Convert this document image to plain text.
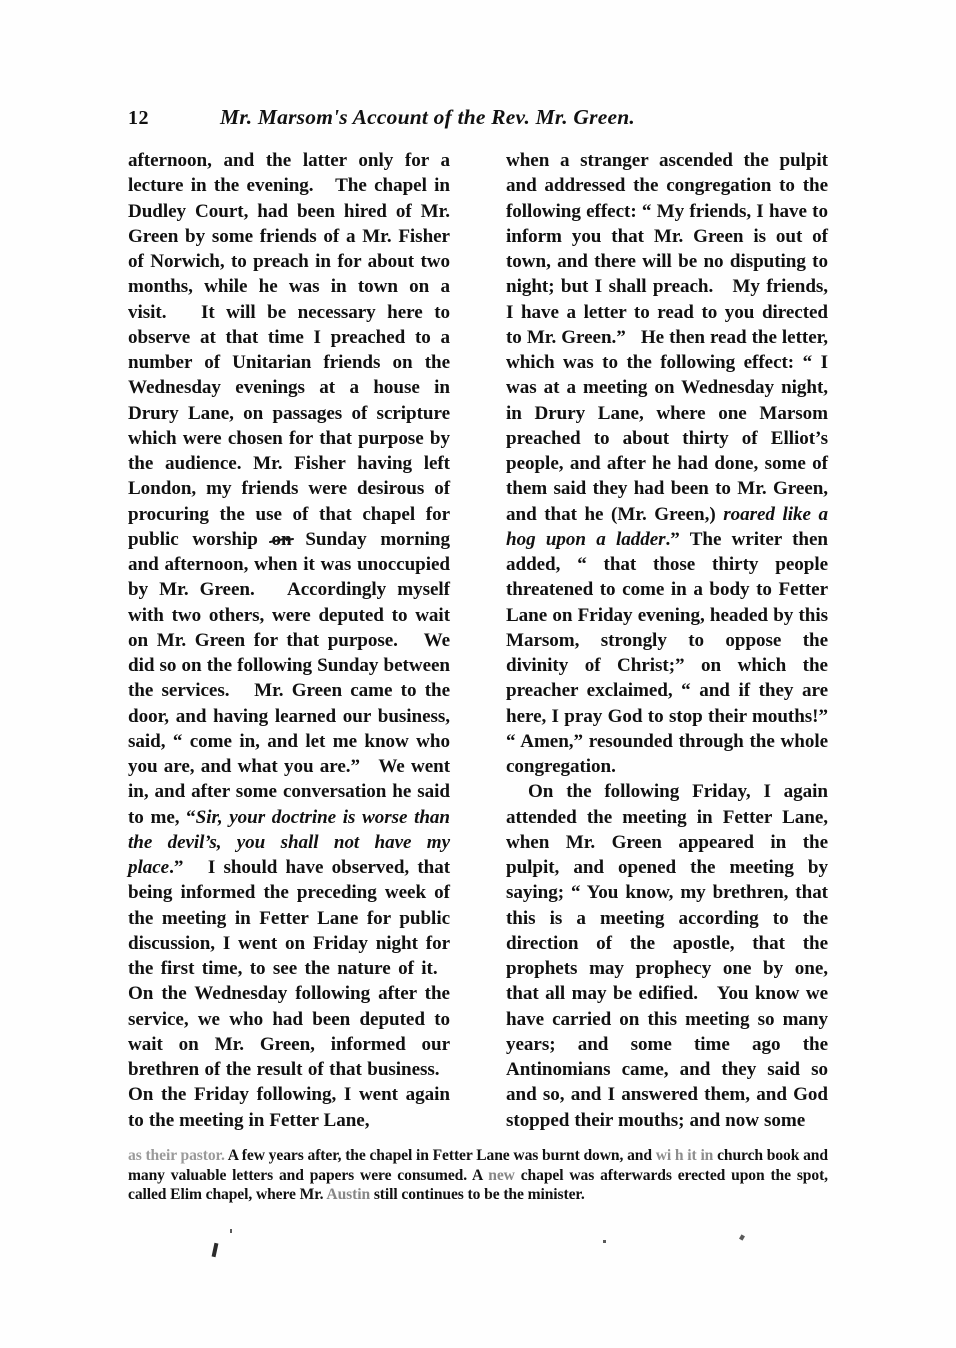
12	Mr. Marsom's Account of the Rev. Mr. Green.

afternoon, and the latter only for a lecture in the evening. The chapel in Dudley Court, had been hired of Mr. Green by some friends of a Mr. Fisher of Norwich, to preach in for about two months, while he was in town on a visit. It will be necessary here to observe at that time I preached to a number of Unitarian friends on the Wednesday evenings at a house in Drury Lane, on passages of scripture which were chosen for that purpose by the audience. Mr. Fisher having left London, my friends were desirous of procuring the use of that chapel for public worship on Sunday morning and afternoon, when it was unoccupied by Mr. Green. Accordingly myself with two others, were deputed to wait on Mr. Green for that purpose. We did so on the following Sunday between the services. Mr. Green came to the door, and having learned our business, said, “ come in, and let me know who you are, and what you are.” We went in, and after some conversation he said to me, “Sir, your doctrine is worse than the devil’s, you shall not have my place.” I should have observed, that being informed the preceding week of the meeting in Fetter Lane for public discussion, I went on Friday night for the first time, to see the nature of it.   On the Wednesday following after the service, we who had been deputed to wait on Mr. Green, informed our brethren of the result of that business.   On the Friday following, I went again to the meeting in Fetter Lane,

when a stranger ascended the pulpit and addressed the congregation to the following effect: “ My friends, I have to inform you that Mr. Green is out of town, and there will be no disputing to night; but I shall preach. My friends, I have a letter to read to you directed to Mr. Green.” He then read the letter, which was to the following effect: “ I was at a meeting on Wednesday night, in Drury Lane, where one Marsom preached to about thirty of Elliot’s people, and after he had done, some of them said they had been to Mr. Green, and that he (Mr. Green,) roared like a hog upon a ladder.” The writer then added, “ that those thirty people threatened to come in a body to Fetter Lane on Friday evening, headed by this Marsom, strongly to oppose the divinity of Christ;” on which the preacher exclaimed, “ and if they are here, I pray God to stop their mouths!” “ Amen,” resounded through the whole congregation.

On the following Friday, I again attended the meeting in Fetter Lane, when Mr. Green appeared in the pulpit, and opened the meeting by saying; “ You know, my brethren, that this is a meeting according to the direction of the apostle, that the prophets may prophecy one by one, that all may be edified. You know we have carried on this meeting so many years; and some time ago the Antinomians came, and they said so and so, and I answered them, and God stopped their mouths; and now some

as their pastor. A few years after, the chapel in Fetter Lane was burnt down, and wi h it in church book and many valuable letters and papers were consumed. A new chapel was afterwards erected upon the spot, called Elim chapel, where Mr. Austin still continues to be the minister.
